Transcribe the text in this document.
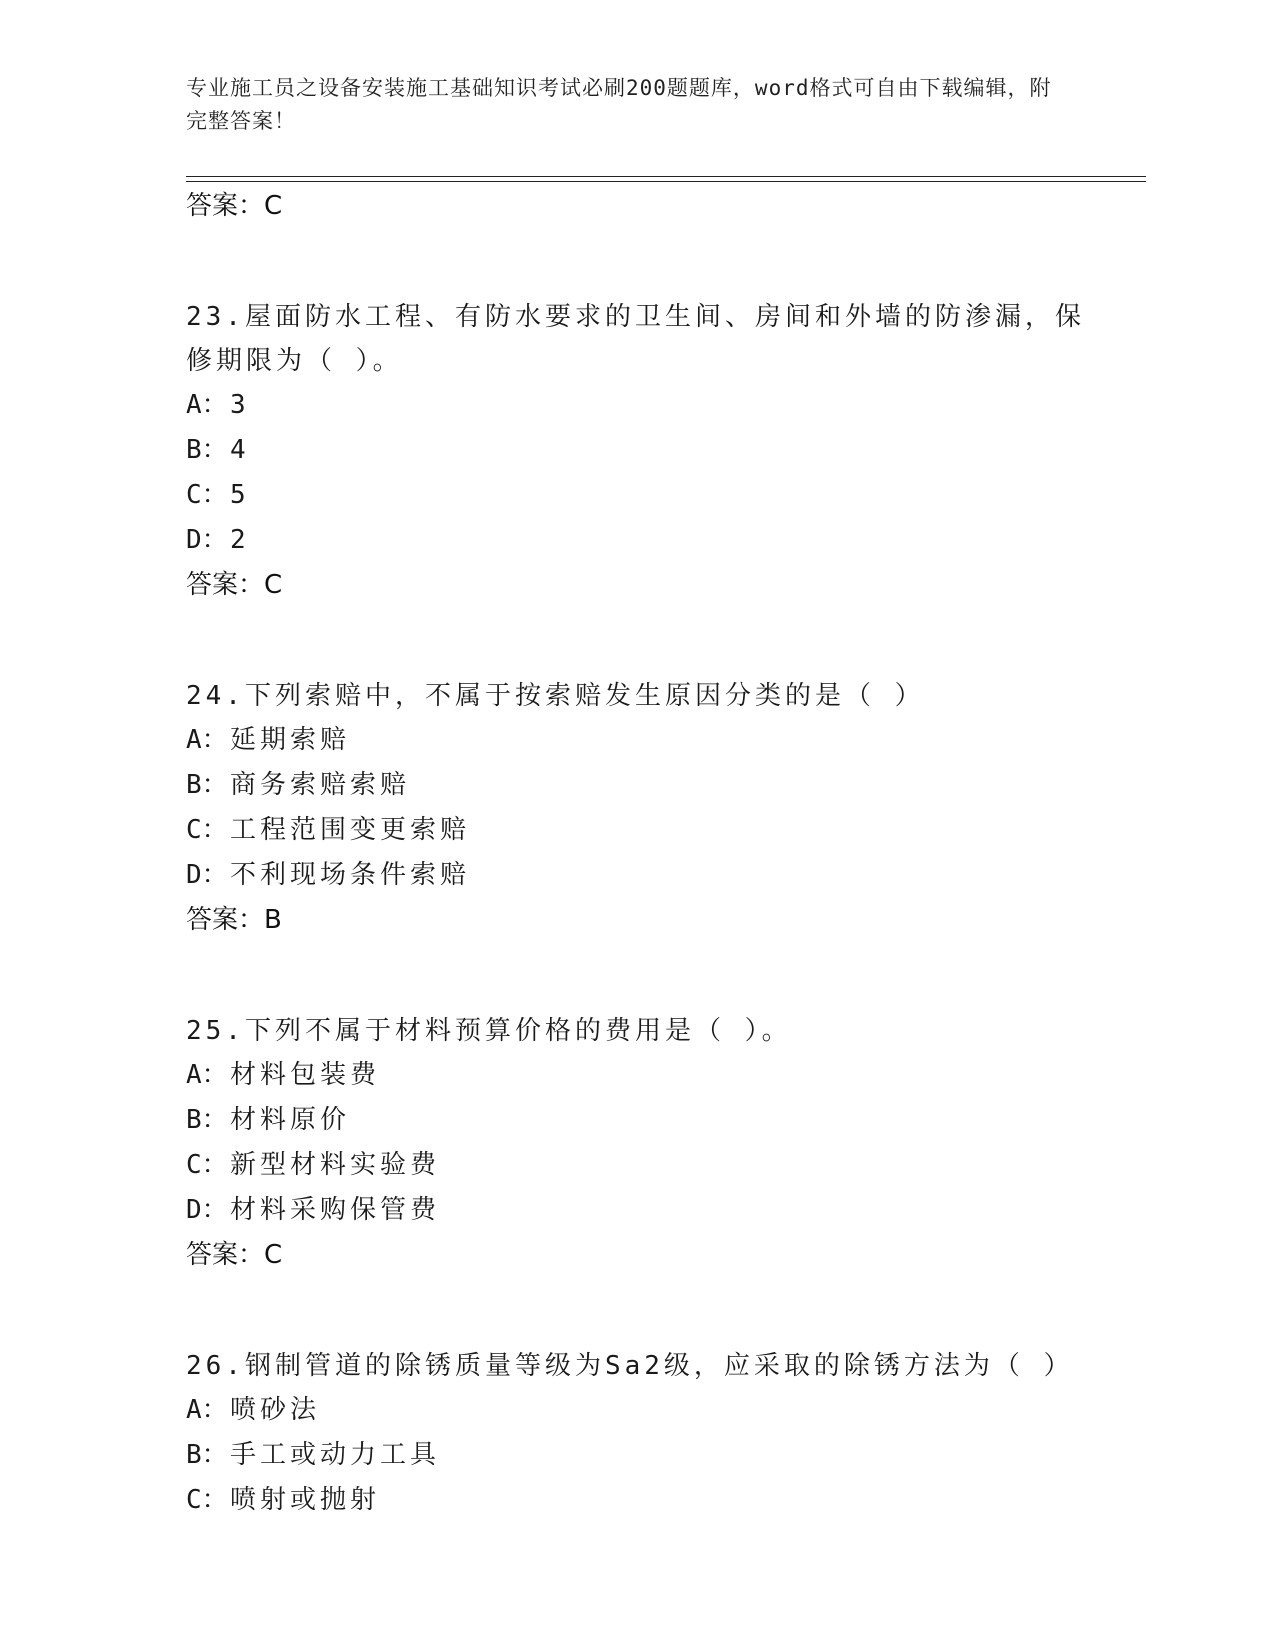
专业施工员之设备安装施工基础知识考试必刷200题题库，word格式可自由下载编辑，附完整答案！
答案：C
23.屋面防水工程、有防水要求的卫生间、房间和外墙的防渗漏，保修期限为（ ）。
A：3
B：4
C：5
D：2
答案：C
24.下列索赔中，不属于按索赔发生原因分类的是（ ）
A：延期索赔
B：商务索赔索赔
C：工程范围变更索赔
D：不利现场条件索赔
答案：B
25.下列不属于材料预算价格的费用是（ ）。
A：材料包装费
B：材料原价
C：新型材料实验费
D：材料采购保管费
答案：C
26.钢制管道的除锈质量等级为Sa2级，应采取的除锈方法为（ ）
A：喷砂法
B：手工或动力工具
C：喷射或抛射
